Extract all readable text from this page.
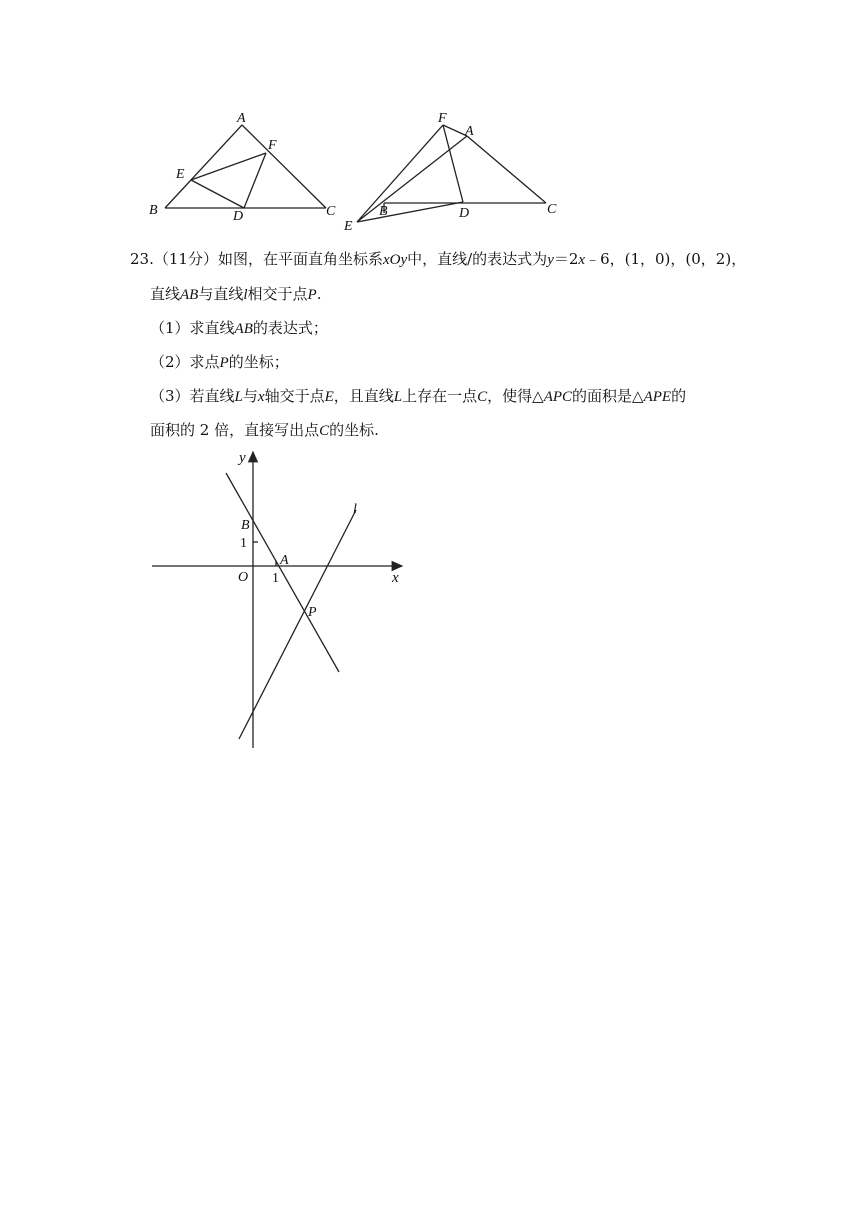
A
B	C
D
E
F
F
A
B	C
D
E
23.（11分）如图，在平面直角坐标系xOy中，直线/的表达式为y＝2x﹣6，(1，0)，(0，2)，
直线AB与直线l相交于点P.
（1）求直线AB的表达式；
（2）求点P的坐标；
（3）若直线L与x轴交于点E，且直线L上存在一点C，使得△APC的面积是△APE的
面积的 2 倍，直接写出点C的坐标.
y
x
O
B
1
A
1
P
l
